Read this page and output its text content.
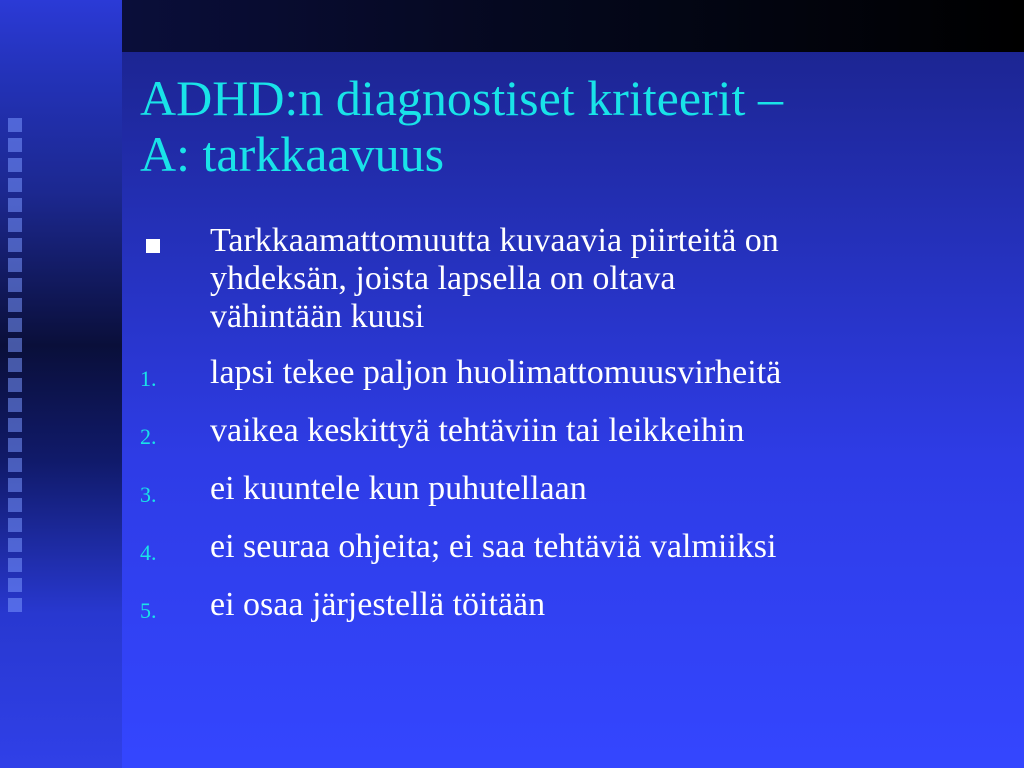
ADHD:n diagnostiset kriteerit –
A: tarkkaavuus
Tarkkaamattomuutta kuvaavia piirteitä on
yhdeksän, joista lapsella on oltava
vähintään kuusi
1. lapsi tekee paljon huolimattomuusvirheitä
2. vaikea keskittyä tehtäviin tai leikkeihin
3. ei kuuntele kun puhutellaan
4. ei seuraa ohjeita; ei saa tehtäviä valmiiksi
5. ei osaa järjestellä töitään
